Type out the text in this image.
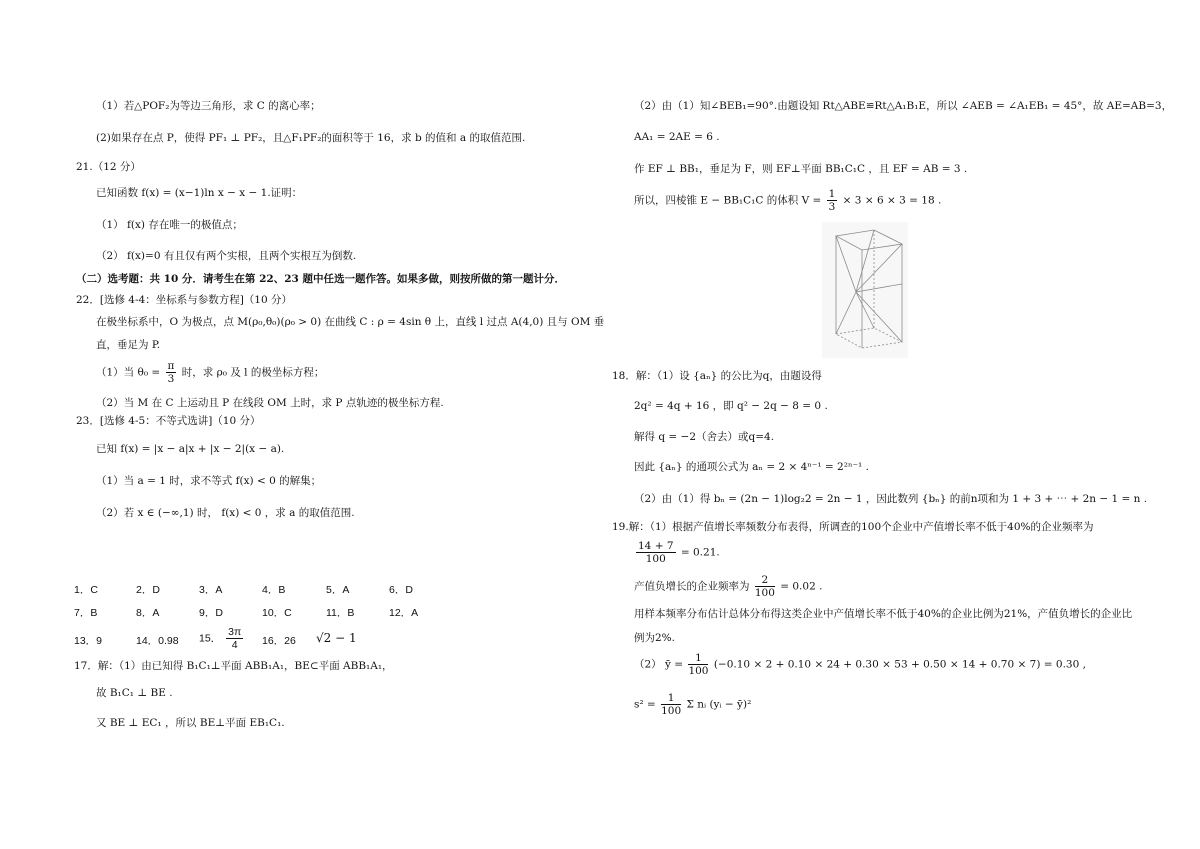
（1）若△POF₂为等边三角形，求 C 的离心率；
(2)如果存在点 P，使得 PF₁ ⊥ PF₂，且△F₁PF₂的面积等于 16，求 b 的值和 a 的取值范围.
21.（12 分）
已知函数 f(x) = (x−1)ln x − x − 1.证明：
（1） f(x) 存在唯一的极值点；
（2） f(x)=0 有且仅有两个实根，且两个实根互为倒数.
（二）选考题：共 10 分．请考生在第 22、23 题中任选一题作答。如果多做，则按所做的第一题计分．
22．[选修 4-4：坐标系与参数方程]（10 分）
在极坐标系中，O 为极点，点 M(ρ₀,θ₀)(ρ₀ > 0) 在曲线 C : ρ = 4sin θ 上，直线 l 过点 A(4,0) 且与 OM 垂
直，垂足为 P.
（1）当 $\theta_0 = \frac{\pi}{3}$ 时，求 ρ₀ 及 l 的极坐标方程；
（2）当 M 在 C 上运动且 P 在线段 OM 上时，求 P 点轨迹的极坐标方程.
23．[选修 4-5：不等式选讲]（10 分）
已知 f(x) = |x − a|x + |x − 2|(x − a).
（1）当 a = 1 时，求不等式 f(x) < 0 的解集；
（2）若 x ∈ (−∞,1) 时， f(x) < 0 ，求 a 的取值范围.
1．C	2．D	3．A	4．B	5．A	6．D
7．B	8．A	9．D	10．C	11．B	12．A
13．9	14．0.98 15． $\frac{3\pi}{4} 16$．26 √2 − 1
17．解：（1）由已知得 B₁C₁⊥平面 ABB₁A₁，BE⊂平面 ABB₁A₁，
故 B₁C₁ ⊥ BE .
又 BE ⊥ EC₁ ，所以 BE⊥平面 EB₁C₁.
（2）由（1）知∠BEB₁=90°.由题设知 Rt△ABE≌Rt△A₁B₁E，所以 ∠AEB = ∠A₁EB₁ = 45°，故 AE=AB=3，
AA₁ = 2AE = 6 .
作 EF ⊥ BB₁，垂足为 F，则 EF⊥平面 BB₁C₁C ，且 EF = AB = 3 .
所以，四棱锥 E − BB₁C₁C 的体积 $V = \frac{1}{3} \times 3 \times 6 \times 3 = 18$ .
18．解：（1）设 {aₙ} 的公比为q，由题设得
2q² = 4q + 16 ，即 q² − 2q − 8 = 0 .
解得 q = −2（舍去）或q=4.
因此 {aₙ} 的通项公式为 aₙ = 2 × 4ⁿ⁻¹ = 2²ⁿ⁻¹ .
（2）由（1）得 bₙ = (2n − 1)log₂2 = 2n − 1 ，因此数列 {bₙ} 的前n项和为 1 + 3 + ⋯ + 2n − 1 = n .
19.解：（1）根据产值增长率频数分布表得，所调查的100个企业中产值增长率不低于40%的企业频率为
$\frac{14 + 7}{100} = 0.21$.
产值负增长的企业频率为 $\frac{2}{100} = 0.02$ .
用样本频率分布估计总体分布得这类企业中产值增长率不低于40%的企业比例为21%，产值负增长的企业比
例为2%.
（2） ȳ = $\frac{1}{100} (-0.10 \times 2 + 0.10 \times 24 + 0.30 \times 53 + 0.50 \times 14 + 0.70 \times 7) = 0.30$ ,
$s^2 = \frac{1}{100}$ Σ nᵢ (yᵢ − ȳ)²
